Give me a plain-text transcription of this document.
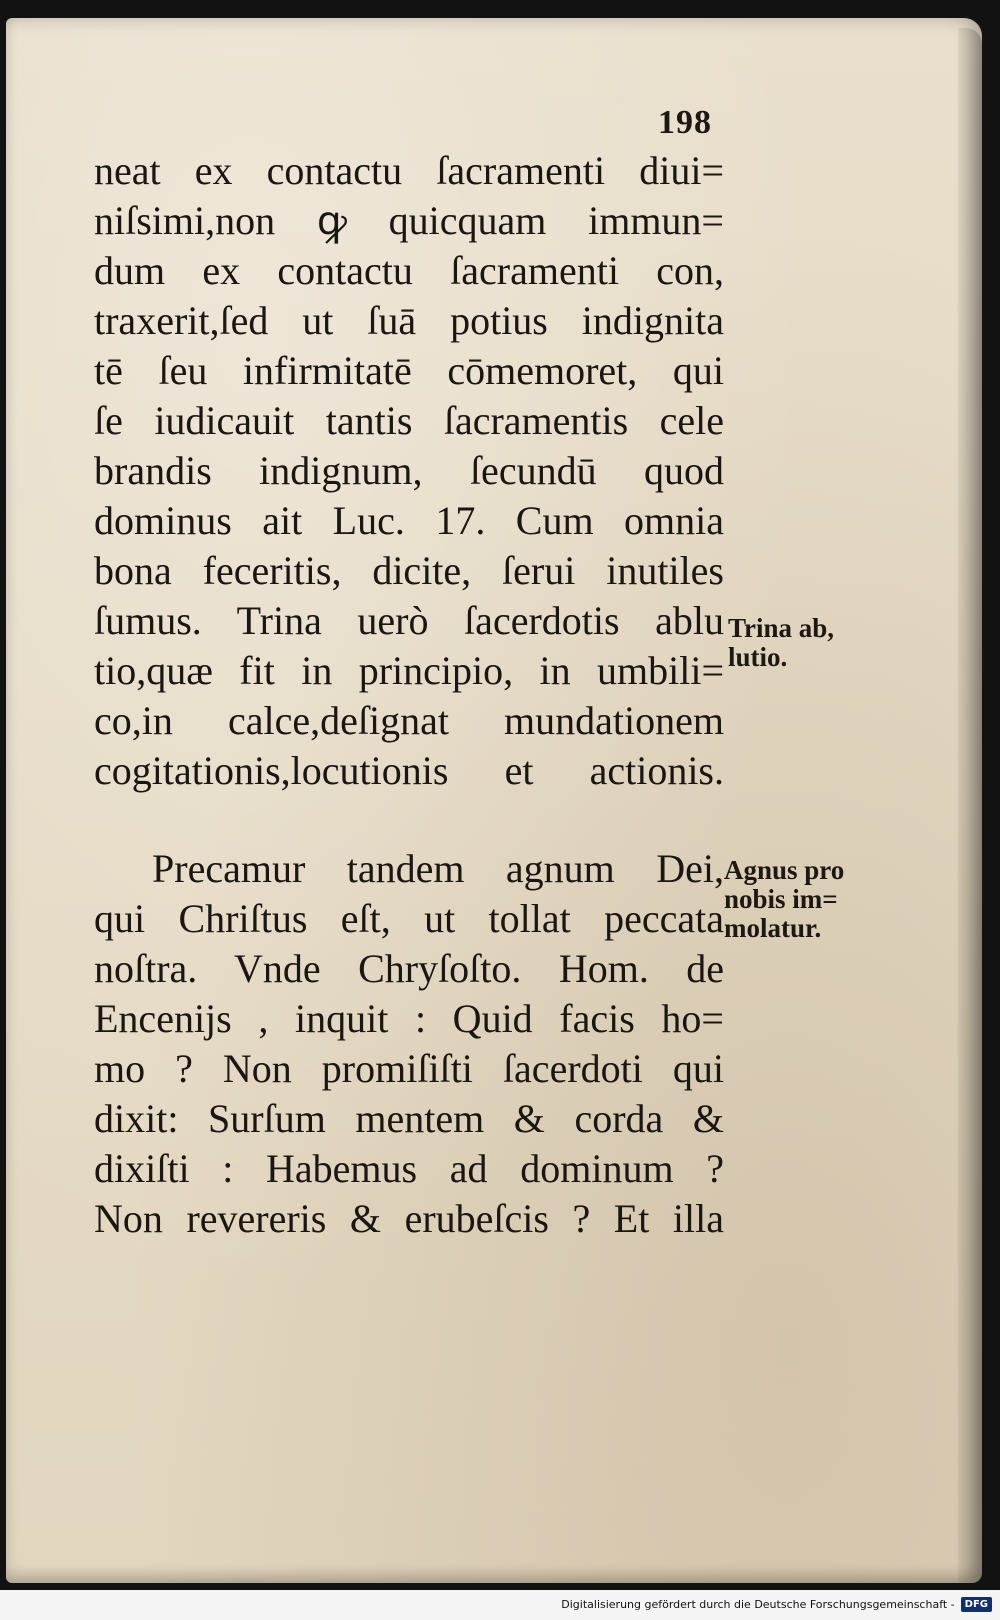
198
neat ex contactu ſacramenti diui=
niſsimi,non ꝙ quicquam immun=
dum ex contactu ſacramenti con,
traxerit,ſed ut ſuā potius indignita
tē ſeu infirmitatē cōmemoret, qui
ſe iudicauit tantis ſacramentis cele
brandis indignum, ſecundū quod
dominus ait Luc. 17. Cum omnia
bona feceritis, dicite, ſerui inutiles
ſumus. Trina uerò ſacerdotis ablu
tio,quæ fit in principio, in umbili=
co,in calce,deſignat mundationem
cogitationis,locutionis et actionis.
Precamur tandem agnum Dei,
qui Chriſtus eſt, ut tollat peccata
noſtra. Vnde Chryſoſto. Hom. de
Enceniјs , inquit : Quid facis ho=
mo ? Non promiſiſti ſacerdoti qui
dixit: Surſum mentem & corda &
dixiſti : Habemus ad dominum ?
Non revereris & erubeſcis ? Et illa
Trina ab,
lutio.
Agnus pro
nobis im=
molatur.
Digitalisierung gefördert durch die Deutsche Forschungsgemeinschaft -	DFG
